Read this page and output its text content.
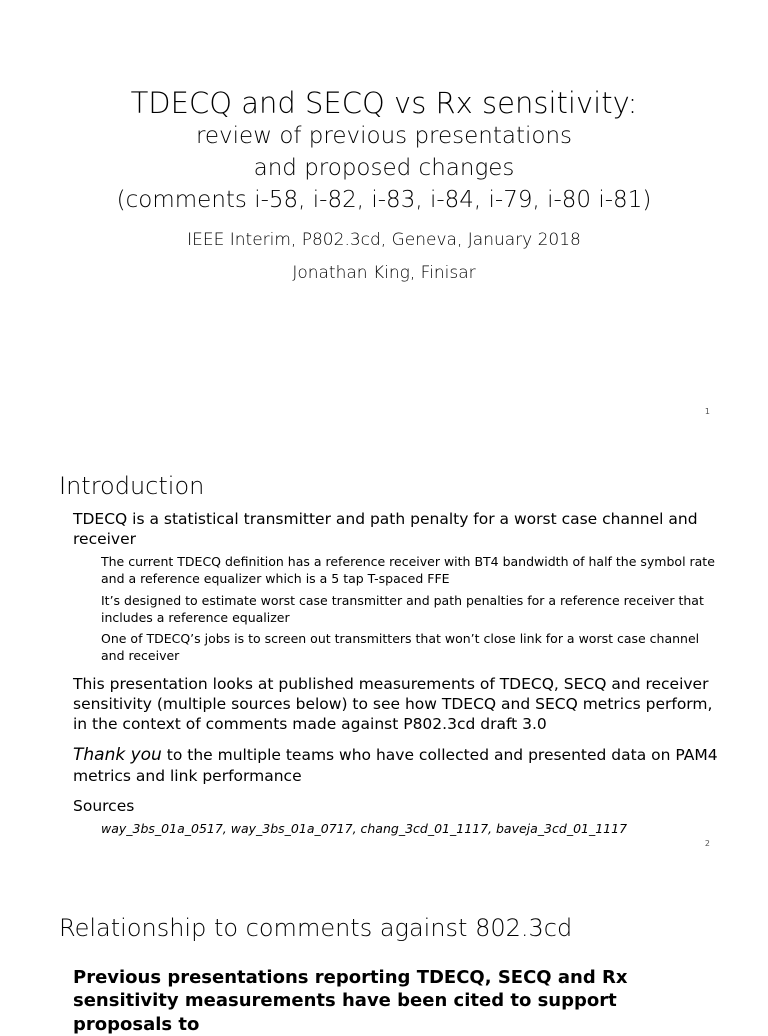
TDECQ and SECQ vs Rx sensitivity:
review of previous presentations
and proposed changes
(comments i-58, i-82, i-83, i-84, i-79, i-80 i-81)
IEEE Interim, P802.3cd, Geneva, January 2018
Jonathan King, Finisar
1
Introduction
TDECQ is a statistical transmitter and path penalty for a worst case channel and receiver
The current TDECQ definition has a reference receiver with BT4 bandwidth of half the symbol rate and a reference equalizer which is a 5 tap T-spaced FFE
It’s designed to estimate worst case transmitter and path penalties for a reference receiver that includes a reference equalizer
One of TDECQ’s jobs is to screen out transmitters that won’t close link for a worst case channel and receiver
This presentation looks at published measurements of TDECQ, SECQ and receiver sensitivity (multiple sources below) to see how TDECQ and SECQ metrics perform, in the context of comments made against P802.3cd draft 3.0
Thank you to the multiple teams who have collected and presented data on PAM4 metrics and link performance
Sources
way_3bs_01a_0517, way_3bs_01a_0717, chang_3cd_01_1117, baveja_3cd_01_1117
2
Relationship to comments against 802.3cd
Previous presentations reporting TDECQ, SECQ and Rx sensitivity measurements have been cited to support proposals to
